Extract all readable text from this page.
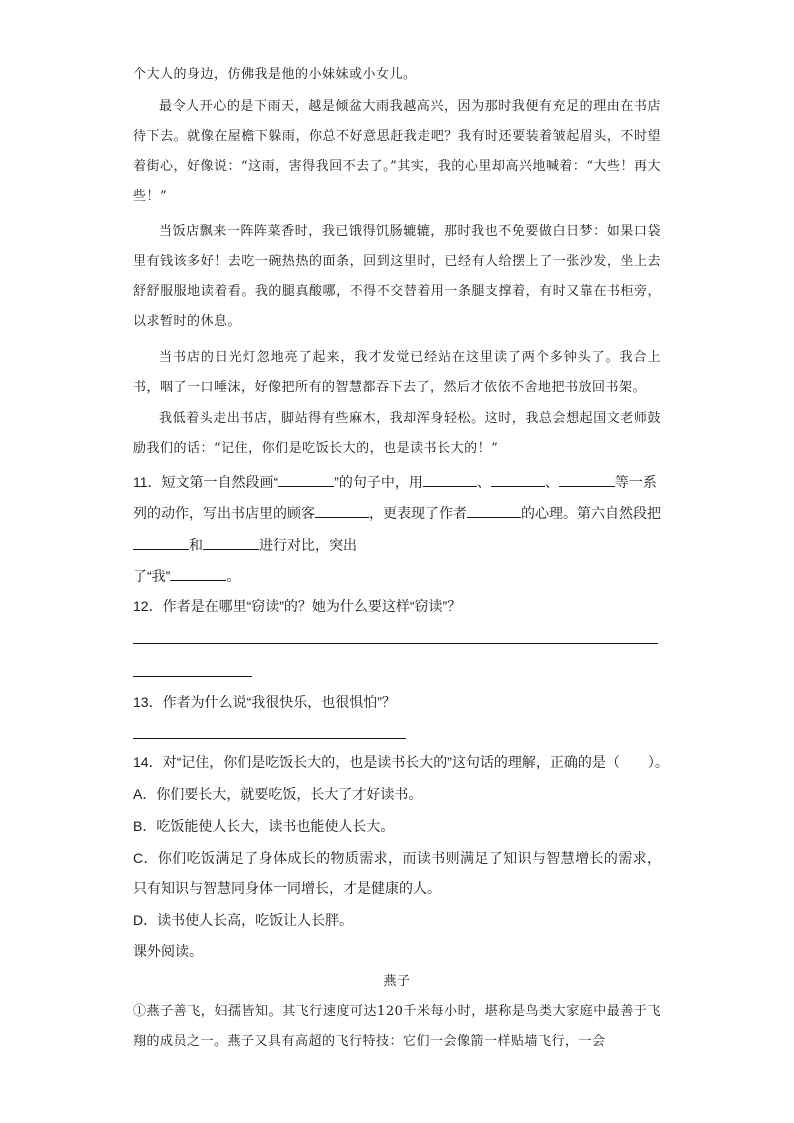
个大人的身边，仿佛我是他的小妹妹或小女儿。

最令人开心的是下雨天，越是倾盆大雨我越高兴，因为那时我便有充足的理由在书店待下去。就像在屋檐下躲雨，你总不好意思赶我走吧？我有时还要装着皱起眉头，不时望着街心，好像说：“这雨，害得我回不去了。”其实，我的心里却高兴地喊着：“大些！再大些！”

当饭店飘来一阵阵菜香时，我已饿得饥肠辘辘，那时我也不免要做白日梦：如果口袋里有钱该多好！去吃一碗热热的面条，回到这里时，已经有人给摆上了一张沙发，坐上去舒舒服服地读着看。我的腿真酸哪，不得不交替着用一条腿支撑着，有时又靠在书柜旁，以求暂时的休息。

当书店的日光灯忽地亮了起来，我才发觉已经站在这里读了两个多钟头了。我合上书，咽了一口唾沫，好像把所有的智慧都吞下去了，然后才依依不舍地把书放回书架。

我低着头走出书店，脚站得有些麻木，我却浑身轻松。这时，我总会想起国文老师鼓励我们的话：“记住，你们是吃饭长大的，也是读书长大的！”

11．短文第一自然段画“	”的句子中，用	、	、	等一系

列的动作，写出书店里的顾客	，更表现了作者	的心理。第六自然段把

和	进行对比，突出

了“我”	。

12．作者是在哪里“窃读”的？她为什么要这样“窃读”？

13．作者为什么说“我很快乐，也很惧怕”？

14．对“记住，你们是吃饭长大的，也是读书长大的”这句话的理解，正确的是（　　）。

A．你们要长大，就要吃饭，长大了才好读书。

B．吃饭能使人长大，读书也能使人长大。

C．你们吃饭满足了身体成长的物质需求，而读书则满足了知识与智慧增长的需求，只有知识与智慧同身体一同增长，才是健康的人。

D．读书使人长高，吃饭让人长胖。

课外阅读。

燕子

①燕子善飞，妇孺皆知。其飞行速度可达120千米每小时，堪称是鸟类大家庭中最善于飞翔的成员之一。燕子又具有高超的飞行特技：它们一会像箭一样贴墙飞行，一会
